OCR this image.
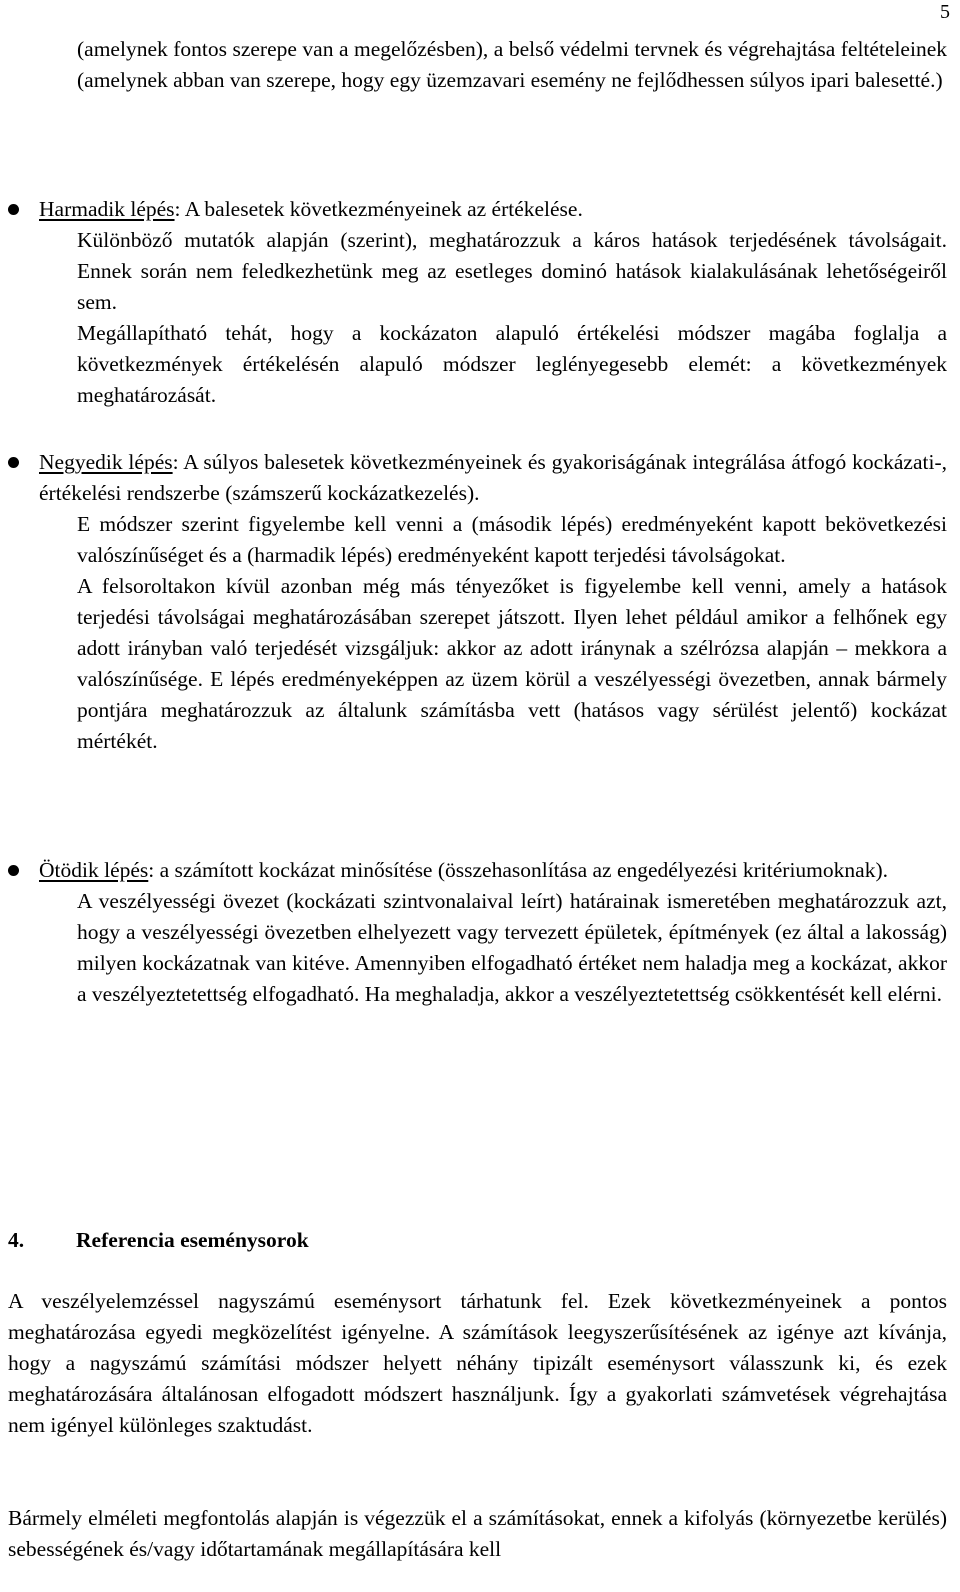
5

(amelynek fontos szerepe van a megelőzésben), a belső védelmi tervnek és végrehajtása feltételeinek (amelynek abban van szerepe, hogy egy üzemzavari esemény ne fejlődhessen súlyos ipari balesetté.)

Harmadik lépés: A balesetek következményeinek az értékelése.

Különböző mutatók alapján (szerint), meghatározzuk a káros hatások terjedésének távolságait. Ennek során nem feledkezhetünk meg az esetleges dominó hatások kialakulásának lehetőségeiről sem.

Megállapítható tehát, hogy a kockázaton alapuló értékelési módszer magába foglalja a következmények értékelésén alapuló módszer leglényegesebb elemét: a következmények meghatározását.

Negyedik lépés: A súlyos balesetek következményeinek és gyakoriságának integrálása átfogó kockázati-, értékelési rendszerbe (számszerű kockázatkezelés).

E módszer szerint figyelembe kell venni a (második lépés) eredményeként kapott bekövetkezési valószínűséget és a (harmadik lépés) eredményeként kapott terjedési távolságokat.

A felsoroltakon kívül azonban még más tényezőket is figyelembe kell venni, amely a hatások terjedési távolságai meghatározásában szerepet játszott. Ilyen lehet például amikor a felhőnek egy adott irányban való terjedését vizsgáljuk: akkor az adott iránynak a szélrózsa alapján – mekkora a valószínűsége. E lépés eredményeképpen az üzem körül a veszélyességi övezetben, annak bármely pontjára meghatározzuk az általunk számításba vett (hatásos vagy sérülést jelentő) kockázat mértékét.

Ötödik lépés: a számított kockázat minősítése (összehasonlítása az engedélyezési kritériumoknak).

A veszélyességi övezet (kockázati szintvonalaival leírt) határainak ismeretében meghatározzuk azt, hogy a veszélyességi övezetben elhelyezett vagy tervezett épületek, építmények (ez által a lakosság) milyen kockázatnak van kitéve. Amennyiben elfogadható értéket nem haladja meg a kockázat, akkor a veszélyeztetettség elfogadható. Ha meghaladja, akkor a veszélyeztetettség csökkentését kell elérni.

4. Referencia eseménysorok

A veszélyelemzéssel nagyszámú eseménysort tárhatunk fel. Ezek következményeinek a pontos meghatározása egyedi megközelítést igényelne. A számítások leegyszerűsítésének az igénye azt kívánja, hogy a nagyszámú számítási módszer helyett néhány tipizált eseménysort válasszunk ki, és ezek meghatározására általánosan elfogadott módszert használjunk. Így a gyakorlati számvetések végrehajtása nem igényel különleges szaktudást.

Bármely elméleti megfontolás alapján is végezzük el a számításokat, ennek a kifolyás (környezetbe kerülés) sebességének és/vagy időtartamának megállapítására kell
